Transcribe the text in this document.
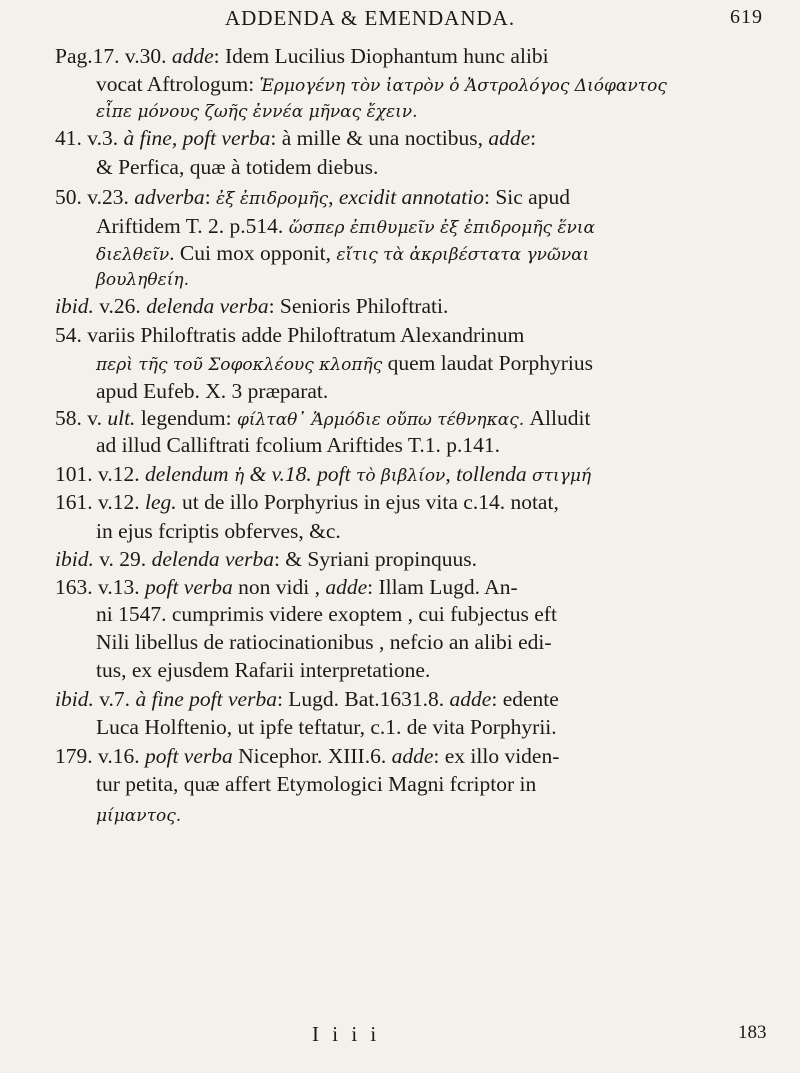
ADDENDA & EMENDANDA.	619
Pag.17. v.30. adde: Idem Lucilius Diophantum hunc alibi
vocat Aftrologum: Ἑρμογένη τὸν ἰατρὸν ὁ Ἀστρολόγος Διόφαντος
εἶπε μόνους ζωῆς ἐννέα μῆνας ἔχειν.
41. v.3. à fine, poft verba: à mille & una noctibus, adde:
& Perfica, quæ à totidem diebus.
50. v.23. adverba: ἐξ ἐπιδρομῆς, excidit annotatio: Sic apud
Ariftidem T. 2. p.514. ὥσπερ ἐπιθυμεῖν ἐξ ἐπιδρομῆς ἕνια
διελθεῖν. Cui mox opponit, εἴτις τὰ ἀκριβέστατα γνῶναι
βουληθείη.
ibid. v.26. delenda verba: Senioris Philoftrati.
54. variis Philoftratis adde Philoftratum Alexandrinum
περὶ τῆς τοῦ Σοφοκλέους κλοπῆς quem laudat Porphyrius
apud Eufeb. X. 3 præparat.
58. v. ult. legendum: φίλταθ᾽ Ἁρμόδιε οὔπω τέθνηκας. Alludit
ad illud Calliftrati fcolium Ariftides T.1. p.141.
101. v.12. delendum ἡ & v.18. poft τὸ βιβλίον, tollenda στιγμή
161. v.12. leg. ut de illo Porphyrius in ejus vita c.14. notat,
in ejus fcriptis obferves, &c.
ibid. v. 29. delenda verba: & Syriani propinquus.
163. v.13. poft verba non vidi , adde: Illam Lugd. An-
ni 1547. cumprimis videre exoptem , cui fubjectus eft
Nili libellus de ratiocinationibus , nefcio an alibi edi-
tus, ex ejusdem Rafarii interpretatione.
ibid. v.7. à fine poft verba: Lugd. Bat.1631.8. adde: edente
Luca Holftenio, ut ipfe teftatur, c.1. de vita Porphyrii.
179. v.16. poft verba Nicephor. XIII.6. adde: ex illo viden-
tur petita, quæ affert Etymologici Magni fcriptor in
μίμαντος.
I i i i	183
